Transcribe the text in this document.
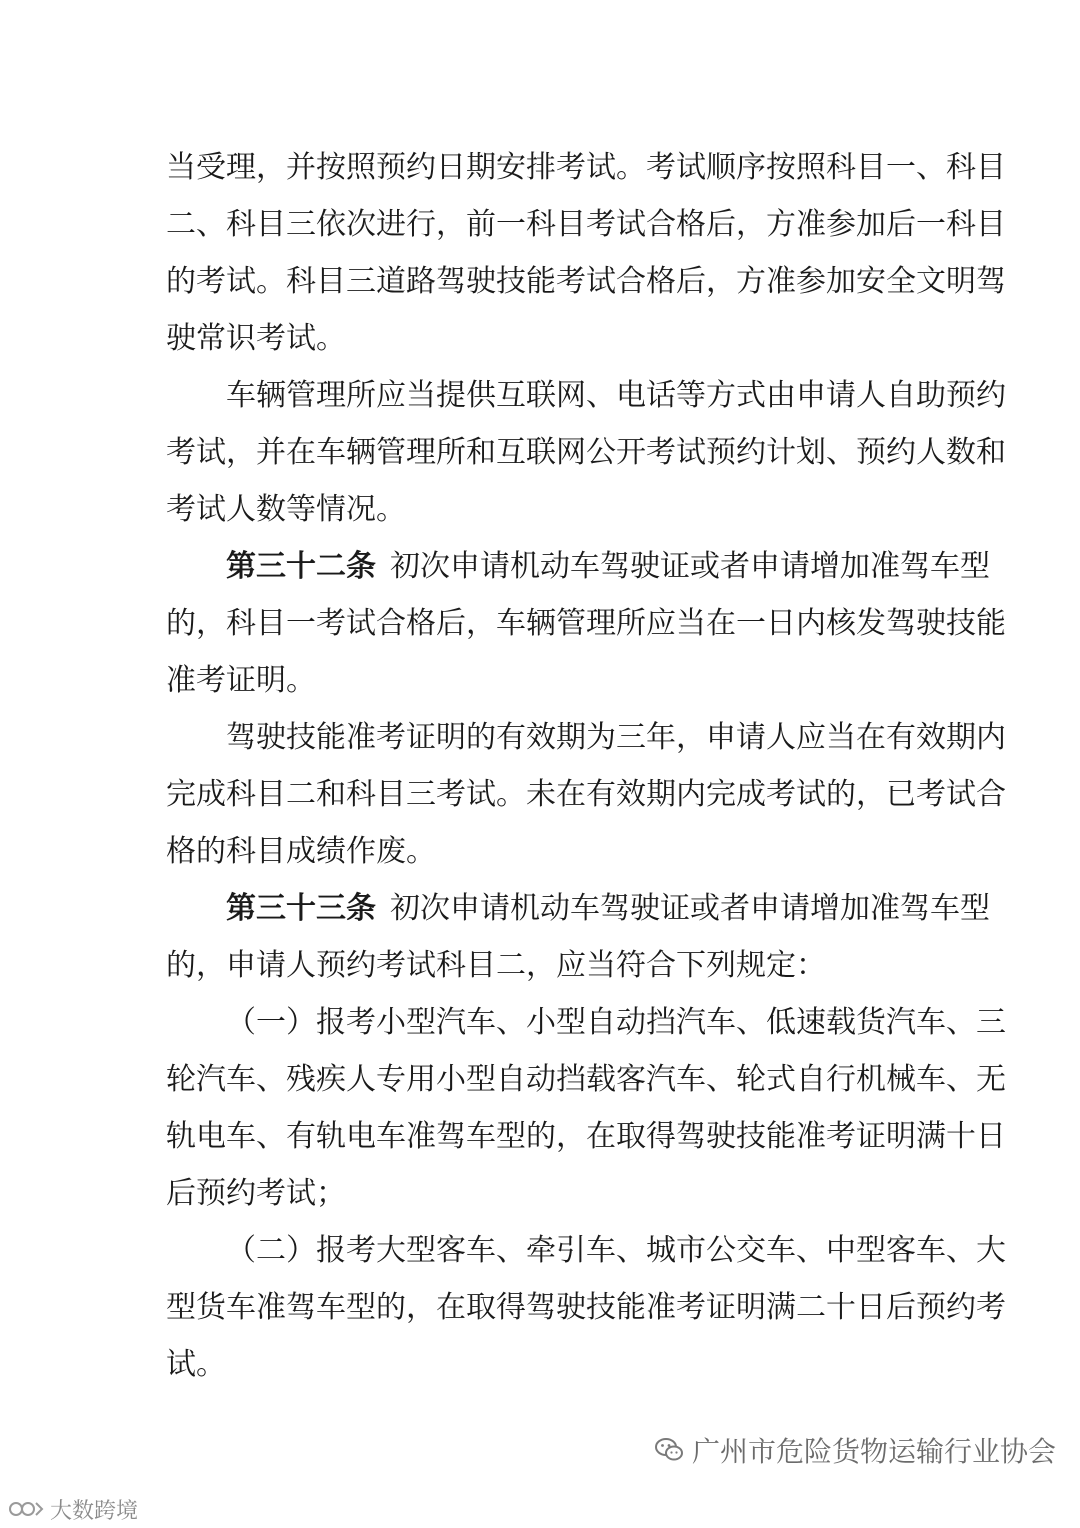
当受理，并按照预约日期安排考试。考试顺序按照科目一、科目
二、科目三依次进行，前一科目考试合格后，方准参加后一科目
的考试。科目三道路驾驶技能考试合格后，方准参加安全文明驾
驶常识考试。
车辆管理所应当提供互联网、电话等方式由申请人自助预约
考试，并在车辆管理所和互联网公开考试预约计划、预约人数和
考试人数等情况。
第三十二条 初次申请机动车驾驶证或者申请增加准驾车型
的，科目一考试合格后，车辆管理所应当在一日内核发驾驶技能
准考证明。
驾驶技能准考证明的有效期为三年，申请人应当在有效期内
完成科目二和科目三考试。未在有效期内完成考试的，已考试合
格的科目成绩作废。
第三十三条 初次申请机动车驾驶证或者申请增加准驾车型
的，申请人预约考试科目二，应当符合下列规定：
（一）报考小型汽车、小型自动挡汽车、低速载货汽车、三
轮汽车、残疾人专用小型自动挡载客汽车、轮式自行机械车、无
轨电车、有轨电车准驾车型的，在取得驾驶技能准考证明满十日
后预约考试；
（二）报考大型客车、牵引车、城市公交车、中型客车、大
型货车准驾车型的，在取得驾驶技能准考证明满二十日后预约考
试。
广州市危险货物运输行业协会
大数跨境
